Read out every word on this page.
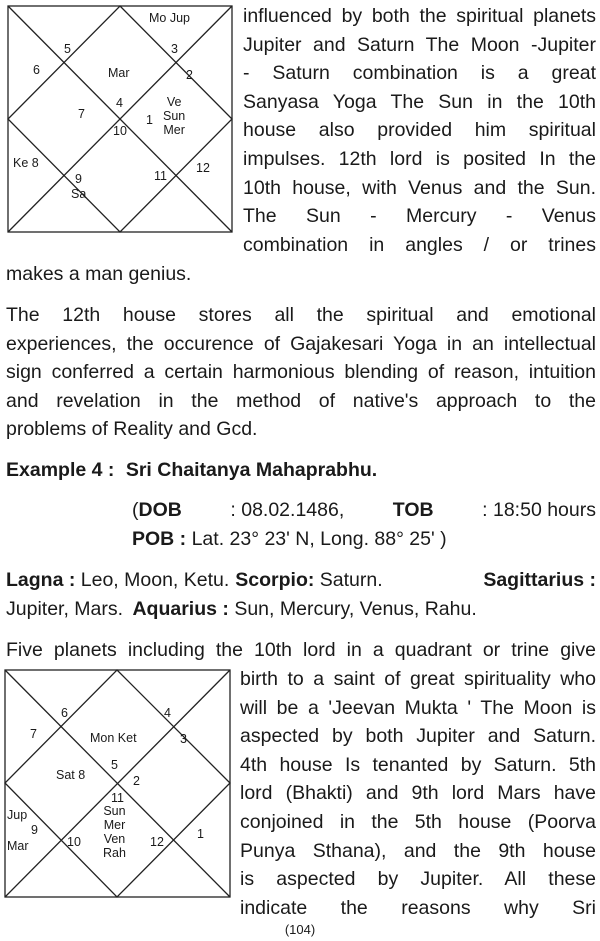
Mo Jup
5	3
6	Mar	2
4
7
Ve
Sun
Mer
1
10
Ke 8	12
11
9
Sa
influenced by both the spiritual planets
Jupiter and Saturn The Moon -Jupiter
- Saturn combination is a great
Sanyasa Yoga The Sun in the 10th
house also provided him spiritual
impulses. 12th lord is posited In the
10th house, with Venus and the Sun.
The Sun - Mercury - Venus
combination in angles / or trines
makes a man genius.
The 12th house stores all the spiritual and emotional
experiences, the occurence of Gajakesari Yoga in an intellectual
sign conferred a certain harmonious blending of reason, intuition
and revelation in the method of native's approach to the
problems of Reality and Gcd.
Example 4 : Sri Chaitanya Mahaprabhu.
(DOB : 08.02.1486, TOB : 18:50 hours
POB : Lat. 23° 23' N, Long. 88° 25' )
Lagna : Leo, Moon, Ketu. Scorpio: Saturn.	Sagittarius :
Jupiter, Mars. Aquarius : Sun, Mercury, Venus, Rahu.
Five planets including the 10th lord in a quadrant or trine give
6	4
7	Mon Ket	3
5
Sat 8	2
11
Sun
Mer
Ven
Rah
Jup
9
10	12
1
Mar
birth to a saint of great spirituality who
will be a 'Jeevan Mukta ' The Moon is
aspected by both Jupiter and Saturn.
4th house Is tenanted by Saturn. 5th
lord (Bhakti) and 9th lord Mars have
conjoined in the 5th house (Poorva
Punya Sthana), and the 9th house
is aspected by Jupiter. All these
indicate the reasons why Sri
(104)
